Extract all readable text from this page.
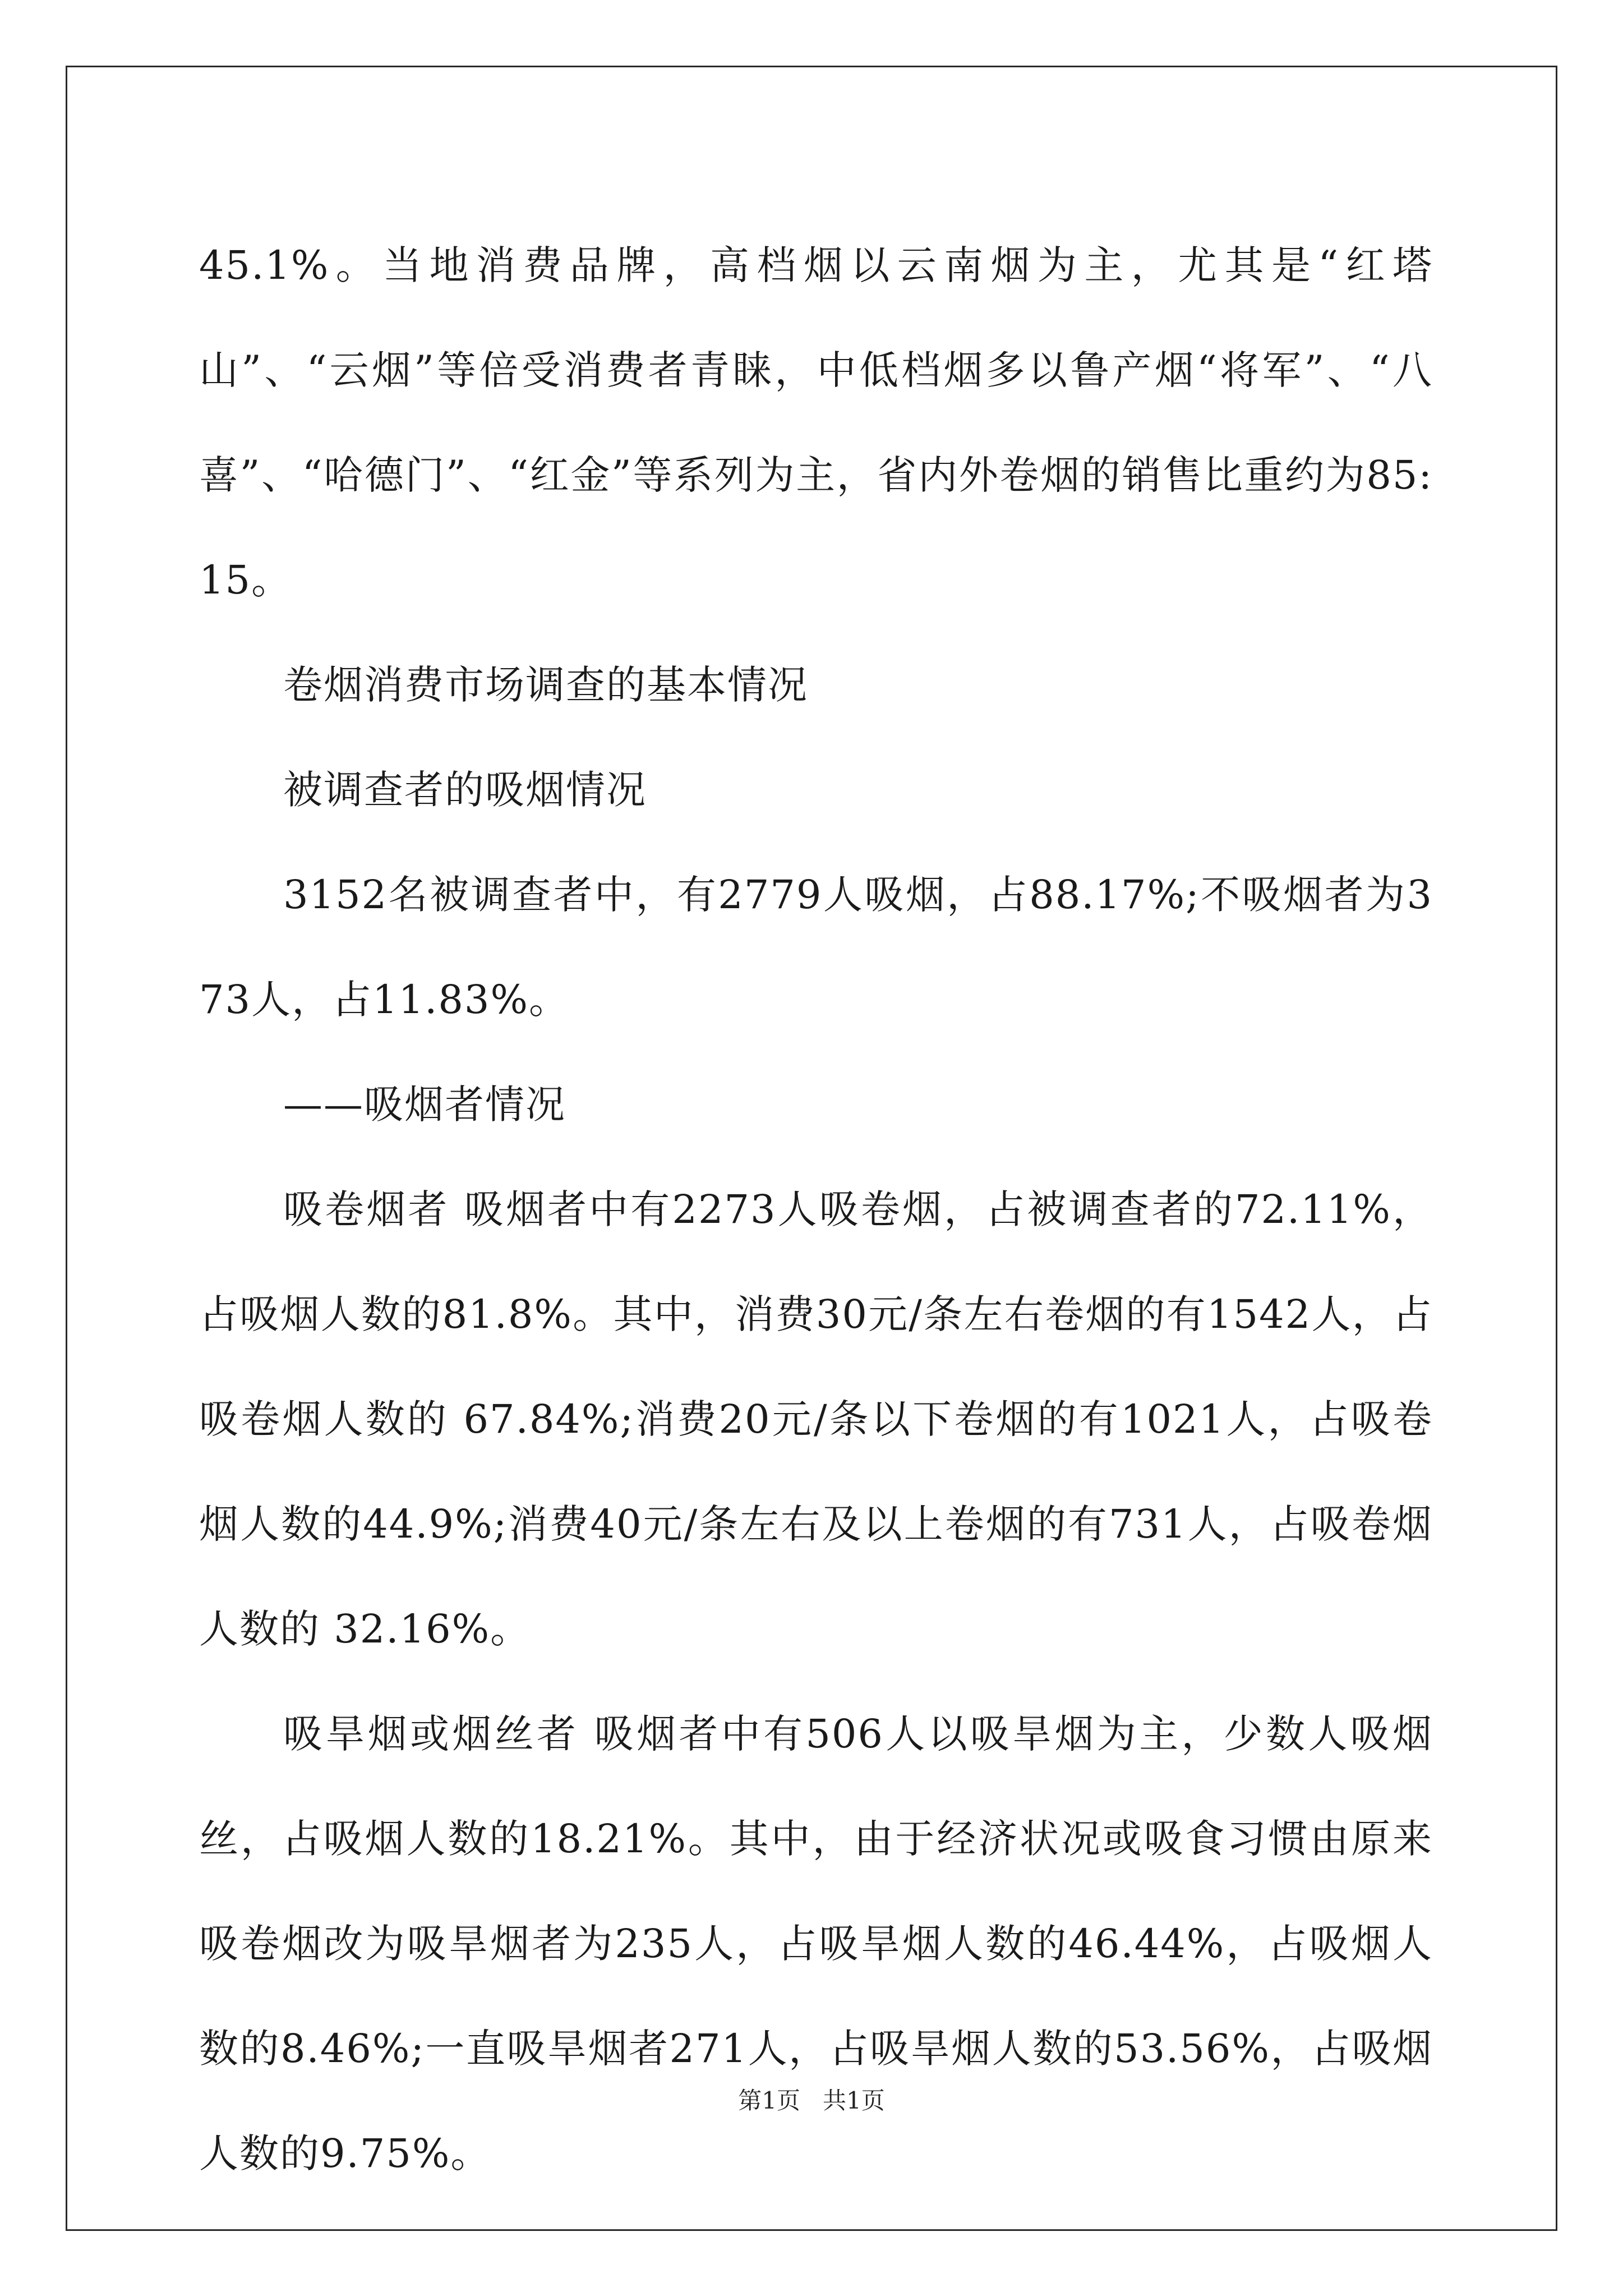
45.1%。当地消费品牌，高档烟以云南烟为主，尤其是“红塔山”、“云烟”等倍受消费者青睐，中低档烟多以鲁产烟“将军”、“八喜”、“哈德门”、“红金”等系列为主，省内外卷烟的销售比重约为85:15。

卷烟消费市场调查的基本情况

被调查者的吸烟情况

3152名被调查者中，有2779人吸烟，占88.17%;不吸烟者为373人，占11.83%。

——吸烟者情况

吸卷烟者 吸烟者中有2273人吸卷烟，占被调查者的72.11%，占吸烟人数的81.8%。其中，消费30元/条左右卷烟的有1542人，占吸卷烟人数的 67.84%;消费20元/条以下卷烟的有1021人，占吸卷烟人数的44.9%;消费40元/条左右及以上卷烟的有731人，占吸卷烟人数的 32.16%。

吸旱烟或烟丝者 吸烟者中有506人以吸旱烟为主，少数人吸烟丝，占吸烟人数的18.21%。其中，由于经济状况或吸食习惯由原来吸卷烟改为吸旱烟者为235人，占吸旱烟人数的46.44%，占吸烟人数的8.46%;一直吸旱烟者271人，占吸旱烟人数的53.56%，占吸烟人数的9.75%。

第1页 共1页
